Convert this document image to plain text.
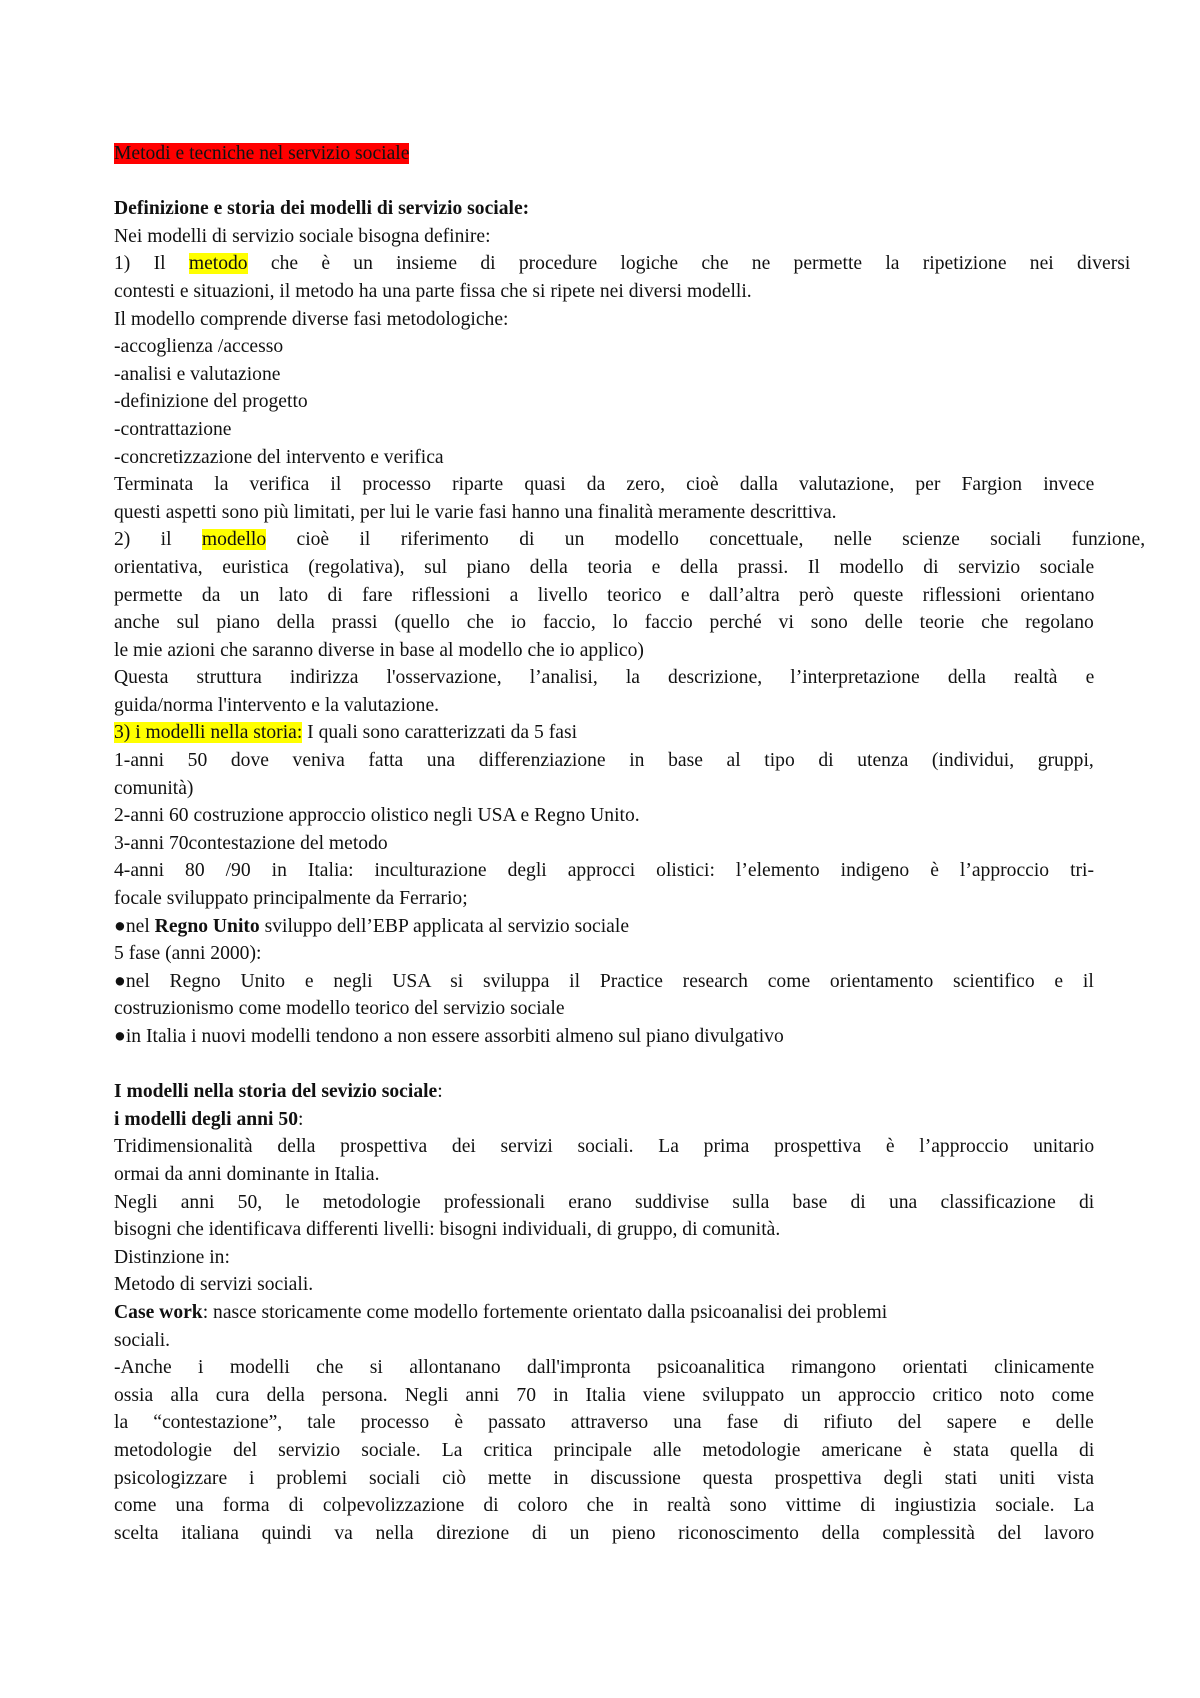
Metodi e tecniche nel servizio sociale
Definizione e storia dei modelli di servizio sociale:
Nei modelli di servizio sociale bisogna definire:
1) Il metodo che è un insieme di procedure logiche che ne permette la ripetizione nei diversi
contesti e situazioni, il metodo ha una parte fissa che si ripete nei diversi modelli.
Il modello comprende diverse fasi metodologiche:
-accoglienza /accesso
-analisi e valutazione
-definizione del progetto
-contrattazione
-concretizzazione del intervento e verifica
Terminata la verifica il processo riparte quasi da zero, cioè dalla valutazione, per Fargion invece
questi aspetti sono più limitati, per lui le varie fasi hanno una finalità meramente descrittiva.
2) il modello cioè il riferimento di un modello concettuale, nelle scienze sociali funzione,
orientativa, euristica (regolativa), sul piano della teoria e della prassi. Il modello di servizio sociale
permette da un lato di fare riflessioni a livello teorico e dall’altra però queste riflessioni orientano
anche sul piano della prassi (quello che io faccio, lo faccio perché vi sono delle teorie che regolano
le mie azioni che saranno diverse in base al modello che io applico)
Questa struttura indirizza l'osservazione, l’analisi, la descrizione, l’interpretazione della realtà e
guida/norma l'intervento e la valutazione.
3) i modelli nella storia: I quali sono caratterizzati da 5 fasi
1-anni 50 dove veniva fatta una differenziazione in base al tipo di utenza (individui, gruppi,
comunità)
2-anni 60 costruzione approccio olistico negli USA e Regno Unito.
3-anni 70contestazione del metodo
4-anni 80 /90 in Italia: inculturazione degli approcci olistici: l’elemento indigeno è l’approccio tri-
focale sviluppato principalmente da Ferrario;
●nel Regno Unito sviluppo dell’EBP applicata al servizio sociale
5 fase (anni 2000):
●nel Regno Unito e negli USA si sviluppa il Practice research come orientamento scientifico e il
costruzionismo come modello teorico del servizio sociale
●in Italia i nuovi modelli tendono a non essere assorbiti almeno sul piano divulgativo
I modelli nella storia del sevizio sociale:
i modelli degli anni 50:
Tridimensionalità della prospettiva dei servizi sociali. La prima prospettiva è l’approccio unitario
ormai da anni dominante in Italia.
Negli anni 50, le metodologie professionali erano suddivise sulla base di una classificazione di
bisogni che identificava differenti livelli: bisogni individuali, di gruppo, di comunità.
Distinzione in:
Metodo di servizi sociali.
Case work: nasce storicamente come modello fortemente orientato dalla psicoanalisi dei problemi
sociali.
-Anche i modelli che si allontanano dall'impronta psicoanalitica rimangono orientati clinicamente
ossia alla cura della persona. Negli anni 70 in Italia viene sviluppato un approccio critico noto come
la “contestazione”, tale processo è passato attraverso una fase di rifiuto del sapere e delle
metodologie del servizio sociale. La critica principale alle metodologie americane è stata quella di
psicologizzare i problemi sociali ciò mette in discussione questa prospettiva degli stati uniti vista
come una forma di colpevolizzazione di coloro che in realtà sono vittime di ingiustizia sociale. La
scelta italiana quindi va nella direzione di un pieno riconoscimento della complessità del lavoro
